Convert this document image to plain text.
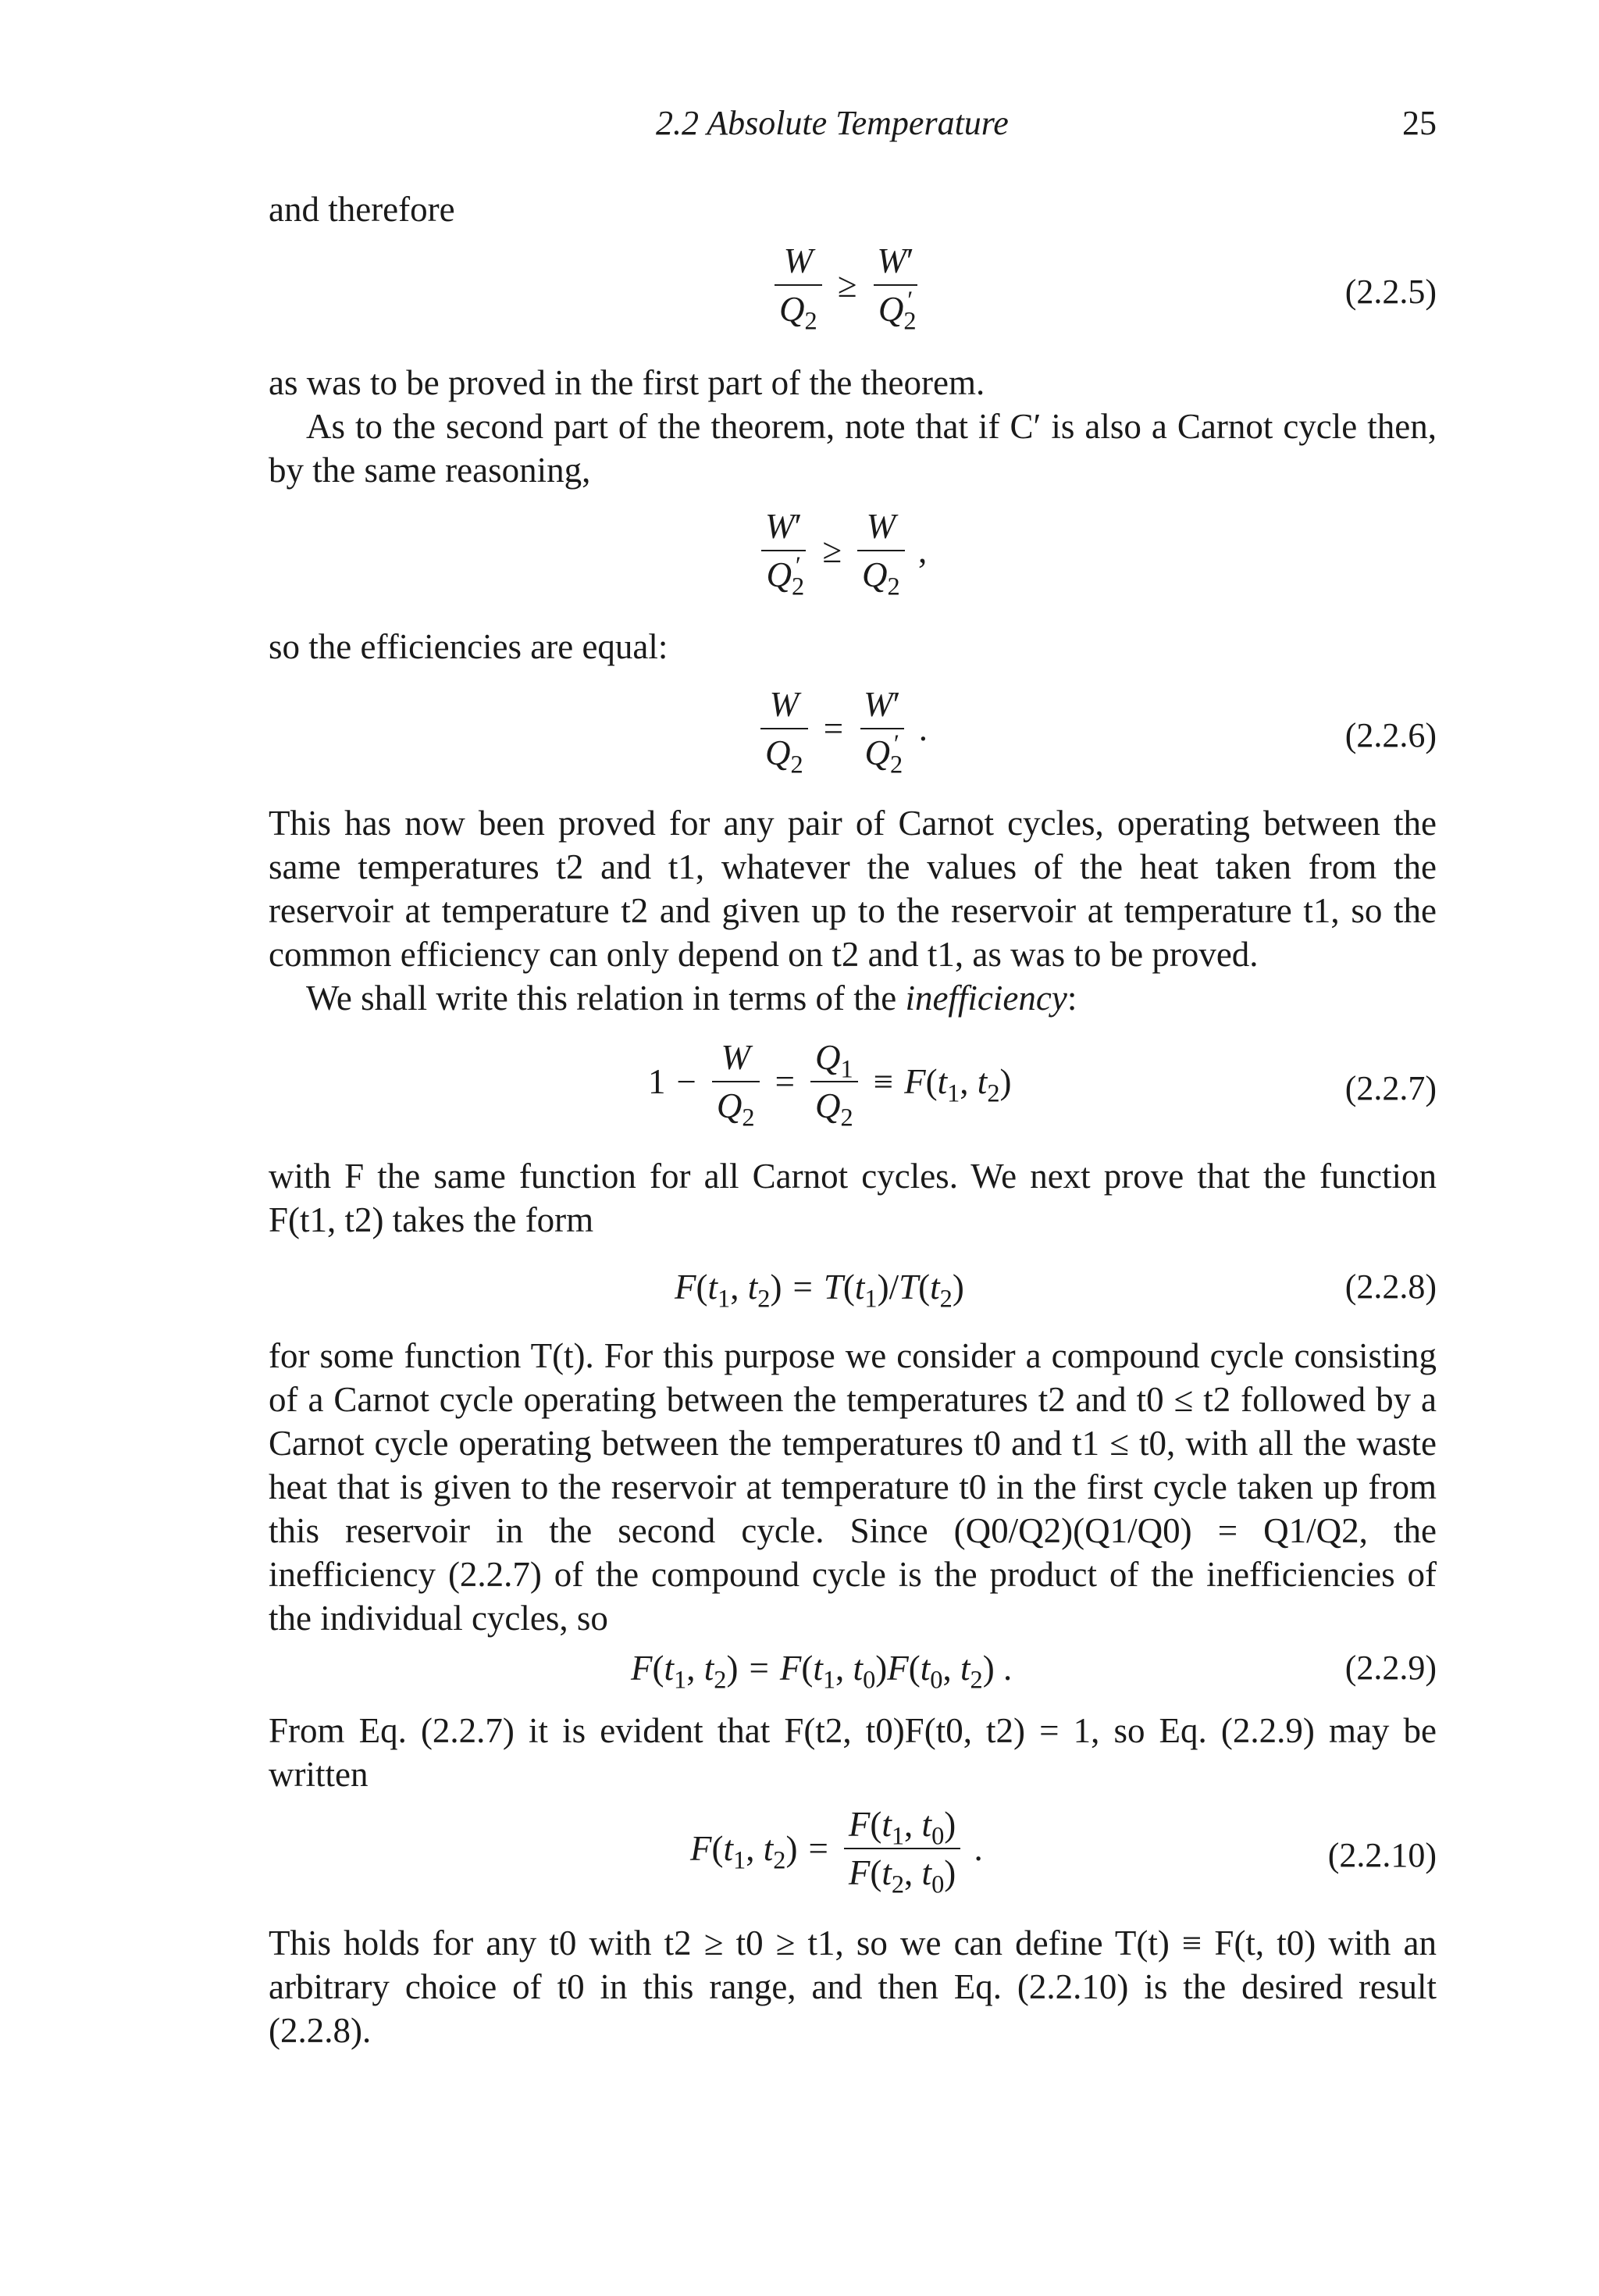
2.2 Absolute Temperature	25

and therefore

$\frac{W}{Q_2} \ge \frac{W'}{Q_2'}$	(2.2.5)

as was to be proved in the first part of the theorem.

As to the second part of the theorem, note that if C′ is also a Carnot cycle then, by the same reasoning,

$\frac{W'}{Q_2'} \ge \frac{W}{Q_2}$ ,

so the efficiencies are equal:

$\frac{W}{Q_2} = \frac{W'}{Q_2'}$ .	(2.2.6)

This has now been proved for any pair of Carnot cycles, operating between the same temperatures t2 and t1, whatever the values of the heat taken from the reservoir at temperature t2 and given up to the reservoir at temperature t1, so the common efficiency can only depend on t2 and t1, as was to be proved.

We shall write this relation in terms of the inefficiency:

$1 - \frac{W}{Q_2} = \frac{Q_1}{Q_2} \equiv F(t_1$, $t_2$)	(2.2.7)

with F the same function for all Carnot cycles. We next prove that the function F(t1, t2) takes the form

$F(t_1$, $t_2) = T(t_1)/T(t_2)$	(2.2.8)

for some function T(t). For this purpose we consider a compound cycle consisting of a Carnot cycle operating between the temperatures t2 and t0 ≤ t2 followed by a Carnot cycle operating between the temperatures t0 and t1 ≤ t0, with all the waste heat that is given to the reservoir at temperature t0 in the first cycle taken up from this reservoir in the second cycle. Since (Q0/Q2)(Q1/Q0) = Q1/Q2, the inefficiency (2.2.7) of the compound cycle is the product of the inefficiencies of the individual cycles, so

$F(t_1$, $t_2) = F(t_1$, $t_0)F(t_0$, $t_2$) .	(2.2.9)

From Eq. (2.2.7) it is evident that F(t2, t0)F(t0, t2) = 1, so Eq. (2.2.9) may be written

$F(t_1$, $t_2) = \frac{F(t_1, t_0)}{F(t_2, t_0)}$ .	(2.2.10)

This holds for any t0 with t2 ≥ t0 ≥ t1, so we can define T(t) ≡ F(t, t0) with an arbitrary choice of t0 in this range, and then Eq. (2.2.10) is the desired result (2.2.8).
